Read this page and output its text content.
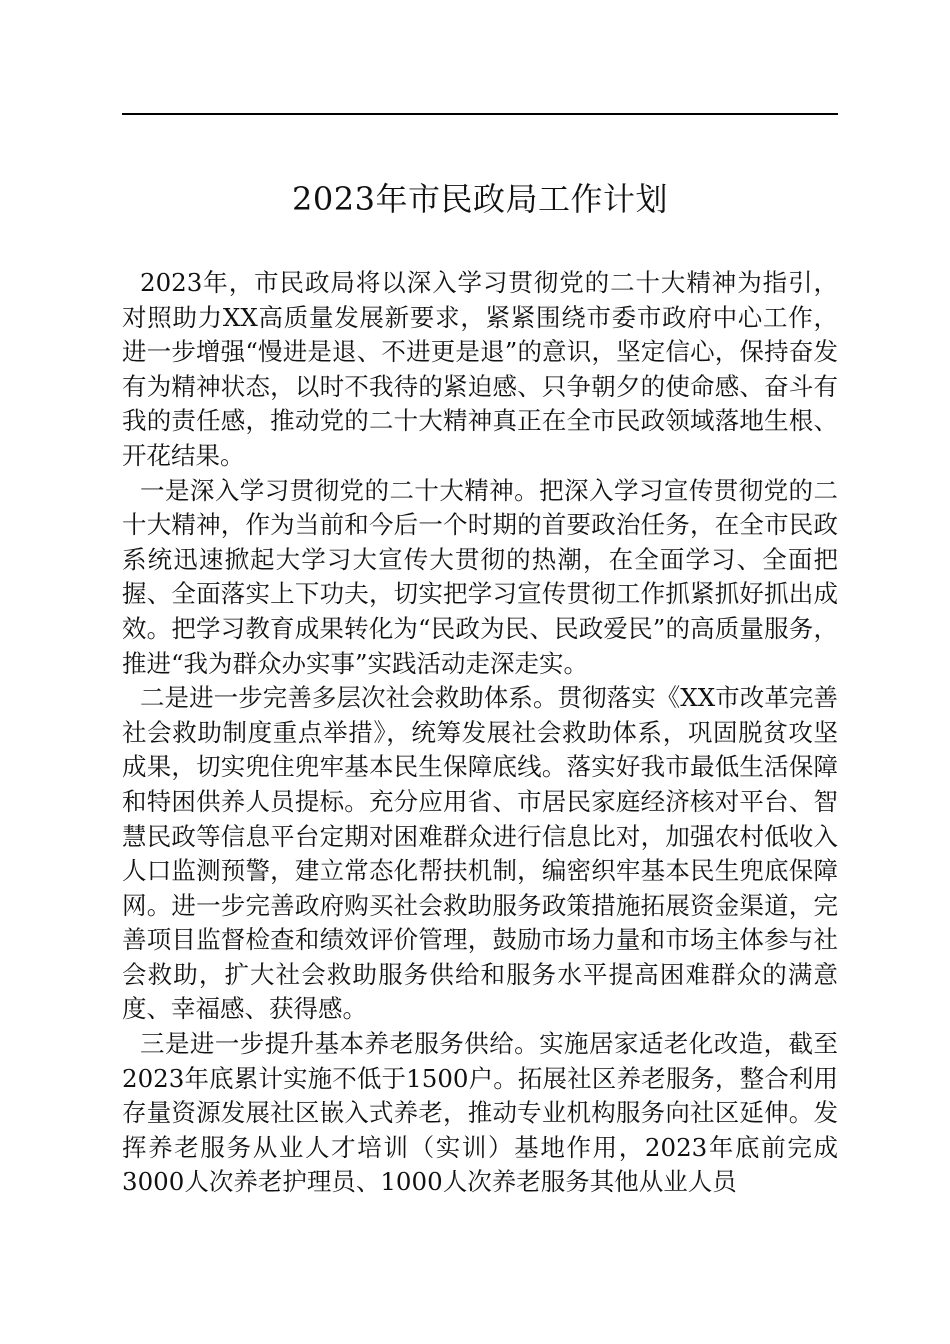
2023年市民政局工作计划

2023年，市民政局将以深入学习贯彻党的二十大精神为指引，对照助力XX高质量发展新要求，紧紧围绕市委市政府中心工作，进一步增强“慢进是退、不进更是退”的意识，坚定信心，保持奋发有为精神状态，以时不我待的紧迫感、只争朝夕的使命感、奋斗有我的责任感，推动党的二十大精神真正在全市民政领域落地生根、开花结果。

一是深入学习贯彻党的二十大精神。把深入学习宣传贯彻党的二十大精神，作为当前和今后一个时期的首要政治任务，在全市民政系统迅速掀起大学习大宣传大贯彻的热潮，在全面学习、全面把握、全面落实上下功夫，切实把学习宣传贯彻工作抓紧抓好抓出成效。把学习教育成果转化为“民政为民、民政爱民”的高质量服务，推进“我为群众办实事”实践活动走深走实。

二是进一步完善多层次社会救助体系。贯彻落实《XX市改革完善社会救助制度重点举措》，统筹发展社会救助体系，巩固脱贫攻坚成果，切实兜住兜牢基本民生保障底线。落实好我市最低生活保障和特困供养人员提标。充分应用省、市居民家庭经济核对平台、智慧民政等信息平台定期对困难群众进行信息比对，加强农村低收入人口监测预警，建立常态化帮扶机制，编密织牢基本民生兜底保障网。进一步完善政府购买社会救助服务政策措施拓展资金渠道，完善项目监督检查和绩效评价管理，鼓励市场力量和市场主体参与社会救助，扩大社会救助服务供给和服务水平提高困难群众的满意度、幸福感、获得感。

三是进一步提升基本养老服务供给。实施居家适老化改造，截至2023年底累计实施不低于1500户。拓展社区养老服务，整合利用存量资源发展社区嵌入式养老，推动专业机构服务向社区延伸。发挥养老服务从业人才培训（实训）基地作用，2023年底前完成3000人次养老护理员、1000人次养老服务其他从业人员
